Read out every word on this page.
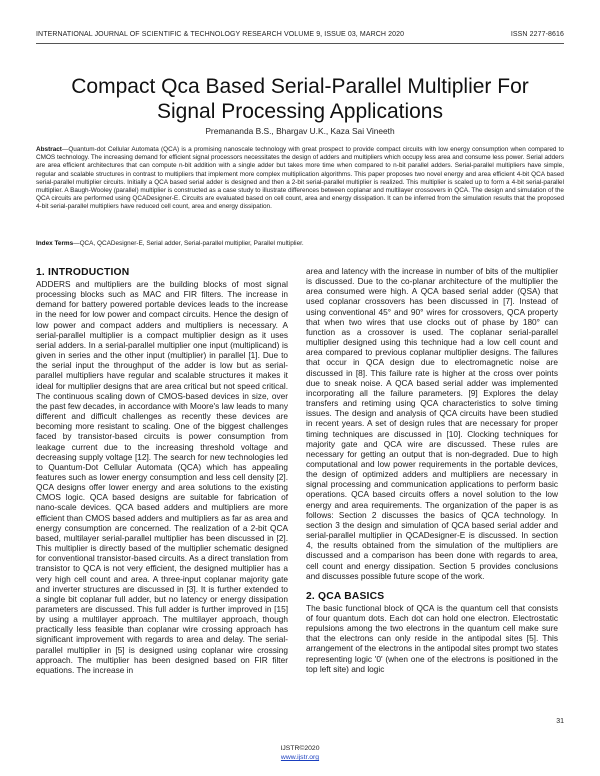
INTERNATIONAL JOURNAL OF SCIENTIFIC & TECHNOLOGY RESEARCH VOLUME 9, ISSUE 03, MARCH 2020	ISSN 2277-8616
Compact Qca Based Serial-Parallel Multiplier For Signal Processing Applications
Premananda B.S., Bhargav U.K., Kaza Sai Vineeth
Abstract—Quantum-dot Cellular Automata (QCA) is a promising nanoscale technology with great prospect to provide compact circuits with low energy consumption when compared to CMOS technology. The increasing demand for efficient signal processors necessitates the design of adders and multipliers which occupy less area and consume less power. Serial adders are area efficient architectures that can compute n-bit addition with a single adder but takes more time when compared to n-bit parallel adders. Serial-parallel multipliers have simple, regular and scalable structures in contrast to multipliers that implement more complex multiplication algorithms. This paper proposes two novel energy and area efficient 4-bit QCA based serial-parallel multiplier circuits. Initially a QCA based serial adder is designed and then a 2-bit serial-parallel multiplier is realized. This multiplier is scaled up to form a 4-bit serial-parallel multiplier. A Baugh-Wooley (parallel) multiplier is constructed as a case study to illustrate differences between coplanar and multilayer crossovers in QCA. The design and simulation of the QCA circuits are performed using QCADesigner-E. Circuits are evaluated based on cell count, area and energy dissipation. It can be inferred from the simulation results that the proposed 4-bit serial-parallel multipliers have reduced cell count, area and energy dissipation.
Index Terms—QCA, QCADesigner-E, Serial adder, Serial-parallel multiplier, Parallel multiplier.
1. INTRODUCTION

ADDERS and multipliers are the building blocks of most signal processing blocks such as MAC and FIR filters. The increase in demand for battery powered portable devices leads to the increase in the need for low power and compact circuits. Hence the design of low power and compact adders and multipliers is necessary. A serial-parallel multiplier is a compact multiplier design as it uses serial adders. In a serial-parallel multiplier one input (multiplicand) is given in series and the other input (multiplier) in parallel [1]. Due to the serial input the throughput of the adder is low but as serial-parallel multipliers have regular and scalable structures it makes it ideal for multiplier designs that are area critical but not speed critical. The continuous scaling down of CMOS-based devices in size, over the past few decades, in accordance with Moore's law leads to many different and difficult challenges as recently these devices are becoming more resistant to scaling. One of the biggest challenges faced by transistor-based circuits is power consumption from leakage current due to the increasing threshold voltage and decreasing supply voltage [12]. The search for new technologies led to Quantum-Dot Cellular Automata (QCA) which has appealing features such as lower energy consumption and less cell density [2]. QCA designs offer lower energy and area solutions to the existing CMOS logic. QCA based designs are suitable for fabrication of nano-scale devices. QCA based adders and multipliers are more efficient than CMOS based adders and multipliers as far as area and energy consumption are concerned. The realization of a 2-bit QCA based, multilayer serial-parallel multiplier has been discussed in [2]. This multiplier is directly based of the multiplier schematic designed for conventional transistor-based circuits. As a direct translation from transistor to QCA is not very efficient, the designed multiplier has a very high cell count and area. A three-input coplanar majority gate and inverter structures are discussed in [3]. It is further extended to a single bit coplanar full adder, but no latency or energy dissipation parameters are discussed. This full adder is further improved in [15] by using a multilayer approach. The multilayer approach, though practically less feasible than coplanar wire crossing approach has significant improvement with regards to area and delay. The serial-parallel multiplier in [5] is designed using coplanar wire crossing approach. The multiplier has been designed based on FIR filter equations. The increase in

area and latency with the increase in number of bits of the multiplier is discussed. Due to the co-planar architecture of the multiplier the area consumed were high. A QCA based serial adder (QSA) that used coplanar crossovers has been discussed in [7]. Instead of using conventional 45° and 90° wires for crossovers, QCA property that when two wires that use clocks out of phase by 180° can function as a crossover is used. The coplanar serial-parallel multiplier designed using this technique had a low cell count and area compared to previous coplanar multiplier designs. The failures that occur in QCA design due to electromagnetic noise are discussed in [8]. This failure rate is higher at the cross over points due to sneak noise. A QCA based serial adder was implemented incorporating all the failure parameters. [9] Explores the delay transfers and retiming using QCA characteristics to solve timing issues. The design and analysis of QCA circuits have been studied in recent years. A set of design rules that are necessary for proper timing techniques are discussed in [10]. Clocking techniques for majority gate and QCA wire are discussed. These rules are necessary for getting an output that is non-degraded. Due to high computational and low power requirements in the portable devices, the design of optimized adders and multipliers are necessary in signal processing and communication applications to perform basic operations. QCA based circuits offers a novel solution to the low energy and area requirements. The organization of the paper is as follows: Section 2 discusses the basics of QCA technology. In section 3 the design and simulation of QCA based serial adder and serial-parallel multiplier in QCADesigner-E is discussed. In section 4, the results obtained from the simulation of the multipliers are discussed and a comparison has been done with regards to area, cell count and energy dissipation. Section 5 provides conclusions and discusses possible future scope of the work.

2. QCA BASICS

The basic functional block of QCA is the quantum cell that consists of four quantum dots. Each dot can hold one electron. Electrostatic repulsions among the two electrons in the quantum cell make sure that the electrons can only reside in the antipodal sites [5]. This arrangement of the electrons in the antipodal sites prompt two states representing logic '0' (when one of the electrons is positioned in the top left site) and logic

31
IJSTR©2020
www.ijstr.org
